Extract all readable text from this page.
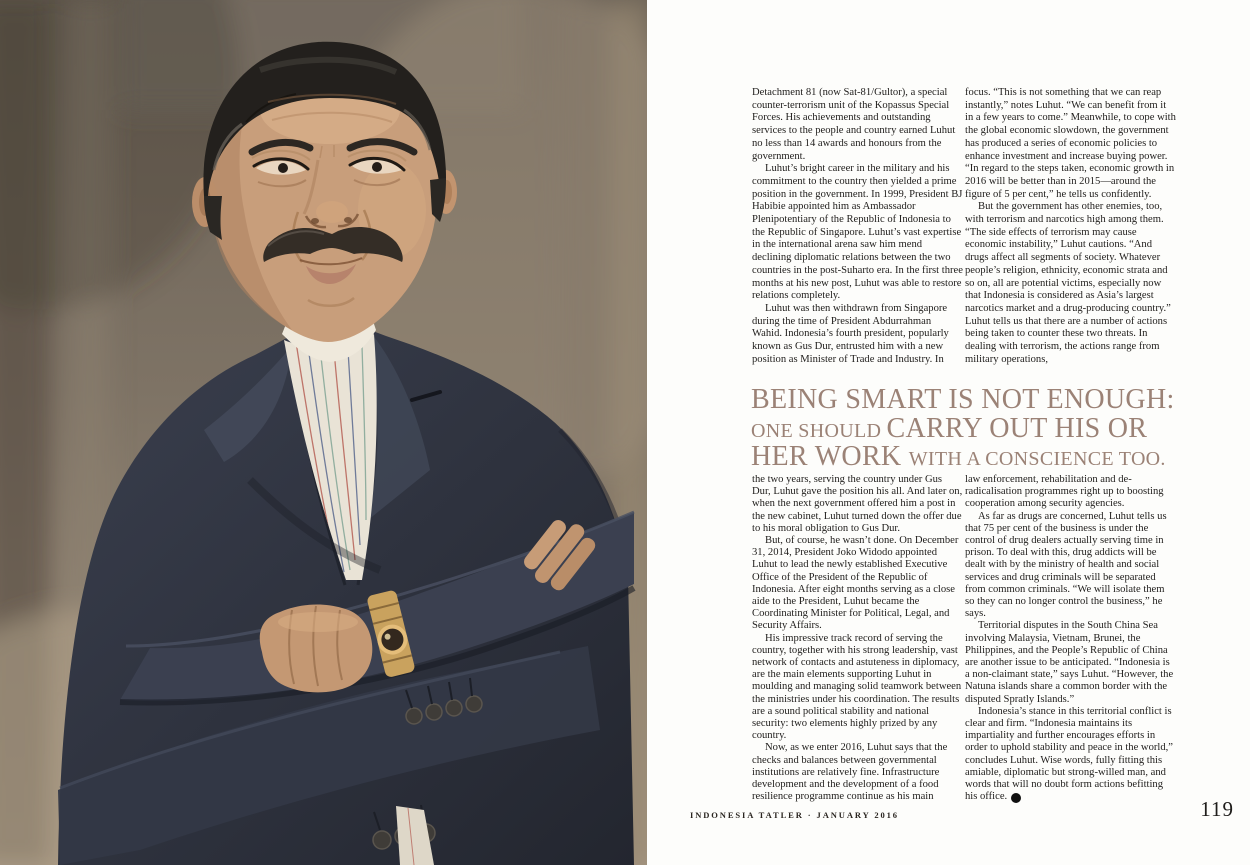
Detachment 81 (now Sat-81/Gultor), a special counter-terrorism unit of the Kopassus Special Forces. His achievements and outstanding services to the people and country earned Luhut no less than 14 awards and honours from the government.

Luhut’s bright career in the military and his commitment to the country then yielded a prime position in the government. In 1999, President BJ Habibie appointed him as Ambassador Plenipotentiary of the Republic of Indonesia to the Republic of Singapore. Luhut’s vast expertise in the international arena saw him mend declining diplomatic relations between the two countries in the post-Suharto era. In the first three months at his new post, Luhut was able to restore relations completely.

Luhut was then withdrawn from Singapore during the time of President Abdurrahman Wahid. Indonesia’s fourth president, popularly known as Gus Dur, entrusted him with a new position as Minister of Trade and Industry. In

focus. “This is not something that we can reap instantly,” notes Luhut. “We can benefit from it in a few years to come.” Meanwhile, to cope with the global economic slowdown, the government has produced a series of economic policies to enhance investment and increase buying power. “In regard to the steps taken, economic growth in 2016 will be better than in 2015—around the figure of 5 per cent,” he tells us confidently.

But the government has other enemies, too, with terrorism and narcotics high among them. “The side effects of terrorism may cause economic instability,” Luhut cautions. “And drugs affect all segments of society. Whatever people’s religion, ethnicity, economic strata and so on, all are potential victims, especially now that Indonesia is considered as Asia’s largest narcotics market and a drug-producing country.” Luhut tells us that there are a number of actions being taken to counter these two threats. In dealing with terrorism, the actions range from military operations,

BEING SMART IS NOT ENOUGH: ONE SHOULD CARRY OUT HIS OR HER WORK WITH A CONSCIENCE TOO.

the two years, serving the country under Gus Dur, Luhut gave the position his all. And later on, when the next government offered him a post in the new cabinet, Luhut turned down the offer due to his moral obligation to Gus Dur.

But, of course, he wasn’t done. On December 31, 2014, President Joko Widodo appointed Luhut to lead the newly established Executive Office of the President of the Republic of Indonesia. After eight months serving as a close aide to the President, Luhut became the Coordinating Minister for Political, Legal, and Security Affairs.

His impressive track record of serving the country, together with his strong leadership, vast network of contacts and astuteness in diplomacy, are the main elements supporting Luhut in moulding and managing solid teamwork between the ministries under his coordination. The results are a sound political stability and national security: two elements highly prized by any country.

Now, as we enter 2016, Luhut says that the checks and balances between governmental institutions are relatively fine. Infrastructure development and the development of a food resilience programme continue as his main

law enforcement, rehabilitation and de-radicalisation programmes right up to boosting cooperation among security agencies.

As far as drugs are concerned, Luhut tells us that 75 per cent of the business is under the control of drug dealers actually serving time in prison. To deal with this, drug addicts will be dealt with by the ministry of health and social services and drug criminals will be separated from common criminals. “We will isolate them so they can no longer control the business,” he says.

Territorial disputes in the South China Sea involving Malaysia, Vietnam, Brunei, the Philippines, and the People’s Republic of China are another issue to be anticipated. “Indonesia is a non-claimant state,” says Luhut. “However, the Natuna islands share a common border with the disputed Spratly Islands.”

Indonesia’s stance in this territorial conflict is clear and firm. “Indonesia maintains its impartiality and further encourages efforts in order to uphold stability and peace in the world,” concludes Luhut. Wise words, fully fitting this amiable, diplomatic but strong-willed man, and words that will no doubt form actions befitting his office. T

INDONESIA TATLER · JANUARY 2016	119
